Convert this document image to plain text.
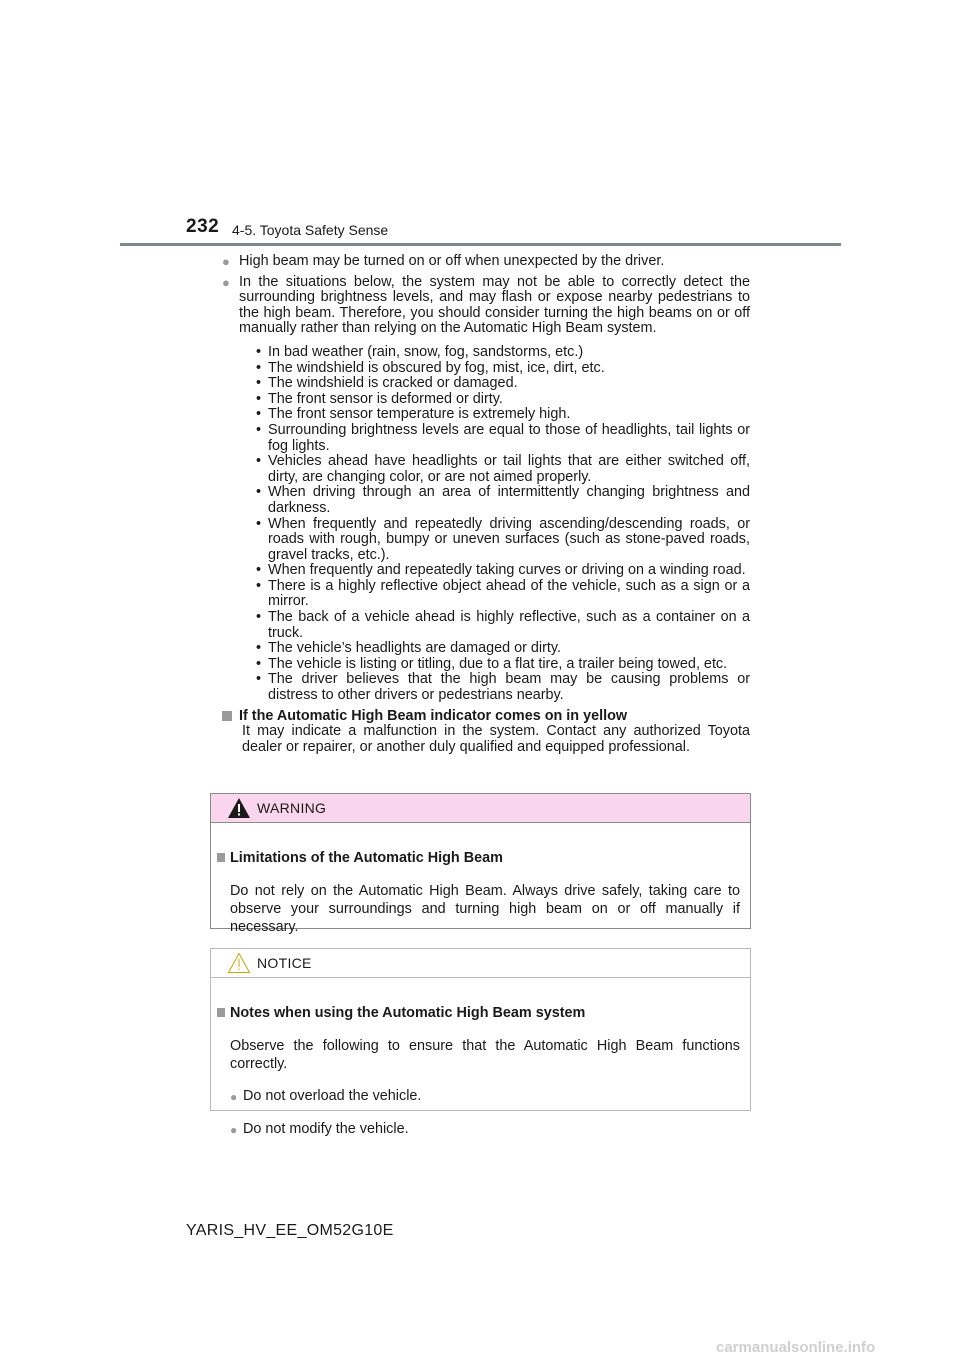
232 4-5. Toyota Safety Sense
● High beam may be turned on or off when unexpected by the driver.

● In the situations below, the system may not be able to correctly detect the surrounding brightness levels, and may flash or expose nearby pedestrians to the high beam. Therefore, you should consider turning the high beams on or off manually rather than relying on the Automatic High Beam system.

• In bad weather (rain, snow, fog, sandstorms, etc.)
• The windshield is obscured by fog, mist, ice, dirt, etc.
• The windshield is cracked or damaged.
• The front sensor is deformed or dirty.
• The front sensor temperature is extremely high.
• Surrounding brightness levels are equal to those of headlights, tail lights or fog lights.
• Vehicles ahead have headlights or tail lights that are either switched off, dirty, are changing color, or are not aimed properly.
• When driving through an area of intermittently changing brightness and darkness.
• When frequently and repeatedly driving ascending/descending roads, or roads with rough, bumpy or uneven surfaces (such as stone-paved roads, gravel tracks, etc.).
• When frequently and repeatedly taking curves or driving on a winding road.
• There is a highly reflective object ahead of the vehicle, such as a sign or a mirror.
• The back of a vehicle ahead is highly reflective, such as a container on a truck.
• The vehicle’s headlights are damaged or dirty.
• The vehicle is listing or titling, due to a flat tire, a trailer being towed, etc.
• The driver believes that the high beam may be causing problems or distress to other drivers or pedestrians nearby.

If the Automatic High Beam indicator comes on in yellow

It may indicate a malfunction in the system. Contact any authorized Toyota dealer or repairer, or another duly qualified and equipped professional.

WARNING

Limitations of the Automatic High Beam

Do not rely on the Automatic High Beam. Always drive safely, taking care to observe your surroundings and turning high beam on or off manually if necessary.

NOTICE

Notes when using the Automatic High Beam system

Observe the following to ensure that the Automatic High Beam functions correctly.

● Do not overload the vehicle.

● Do not modify the vehicle.

YARIS_HV_EE_OM52G10E
carmanualsonline.info
